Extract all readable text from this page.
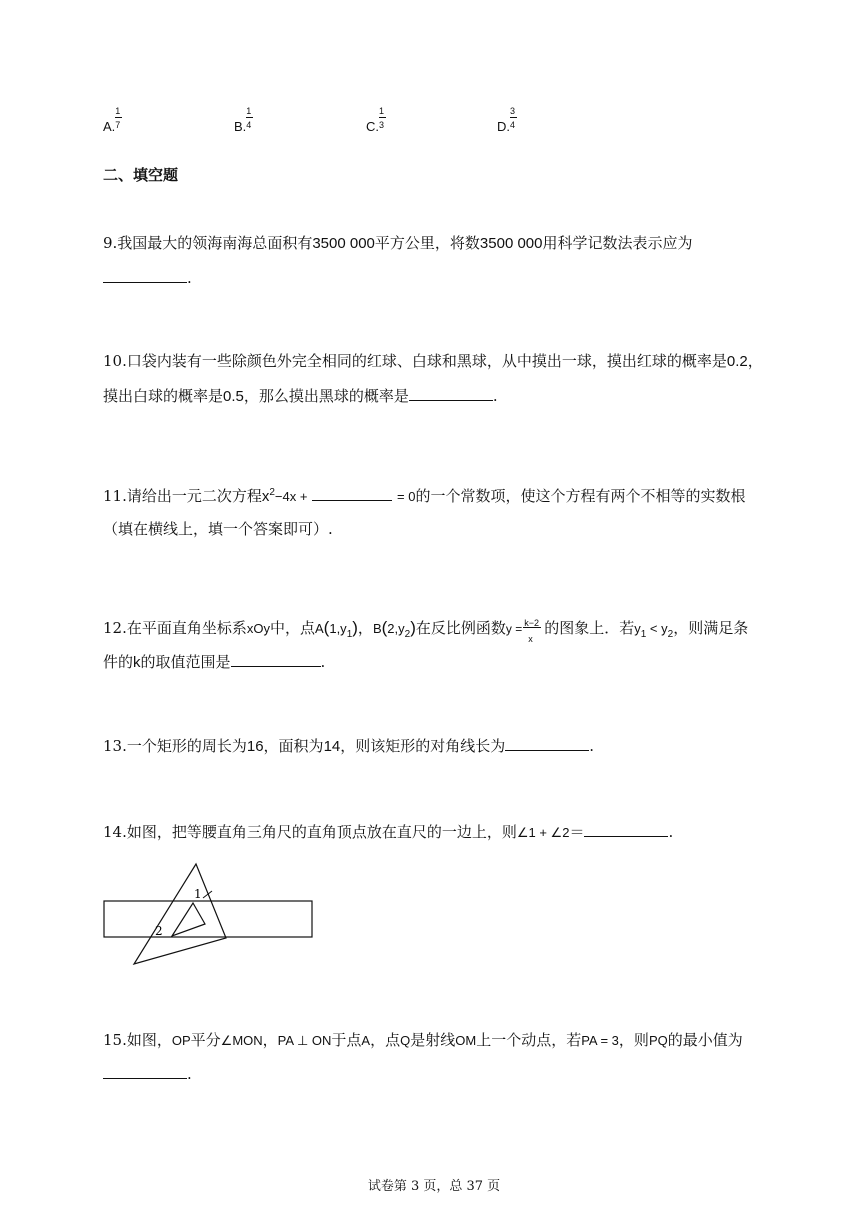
A. $\frac{1}{7}$	B. $\frac{1}{4}$	C. $\frac{1}{3}$	D. $\frac{3}{4}$
二、填空题
9.我国最大的领海南海总面积有3500 000平方公里，将数3500 000用科学记数法表示应为
.
10.口袋内装有一些除颜色外完全相同的红球、白球和黑球，从中摸出一球，摸出红球的概率是0.2，
摸出白球的概率是0.5，那么摸出黑球的概率是	.
11.请给出一元二次方程$x^2-4x$ +	= 0的一个常数项，使这个方程有两个不相等的实数根
（填在横线上，填一个答案即可）.
12.在平面直角坐标系xOy中，点$A(1,y_1)$，$B(2,y_2)$在反比例函数$y = \frac{k-2}{x}$ 的图象上．若$y_1 < y_2$，则满足条
件的k的取值范围是	.
13.一个矩形的周长为16，面积为14，则该矩形的对角线长为	.
14.如图，把等腰直角三角尺的直角顶点放在直尺的一边上，则∠1 + ∠2＝	.
1
2
15.如图，OP平分∠MON，PA ⊥ ON于点A，点Q是射线OM上一个动点，若PA = 3，则PQ的最小值为
.
试卷第 3 页，总 37 页
